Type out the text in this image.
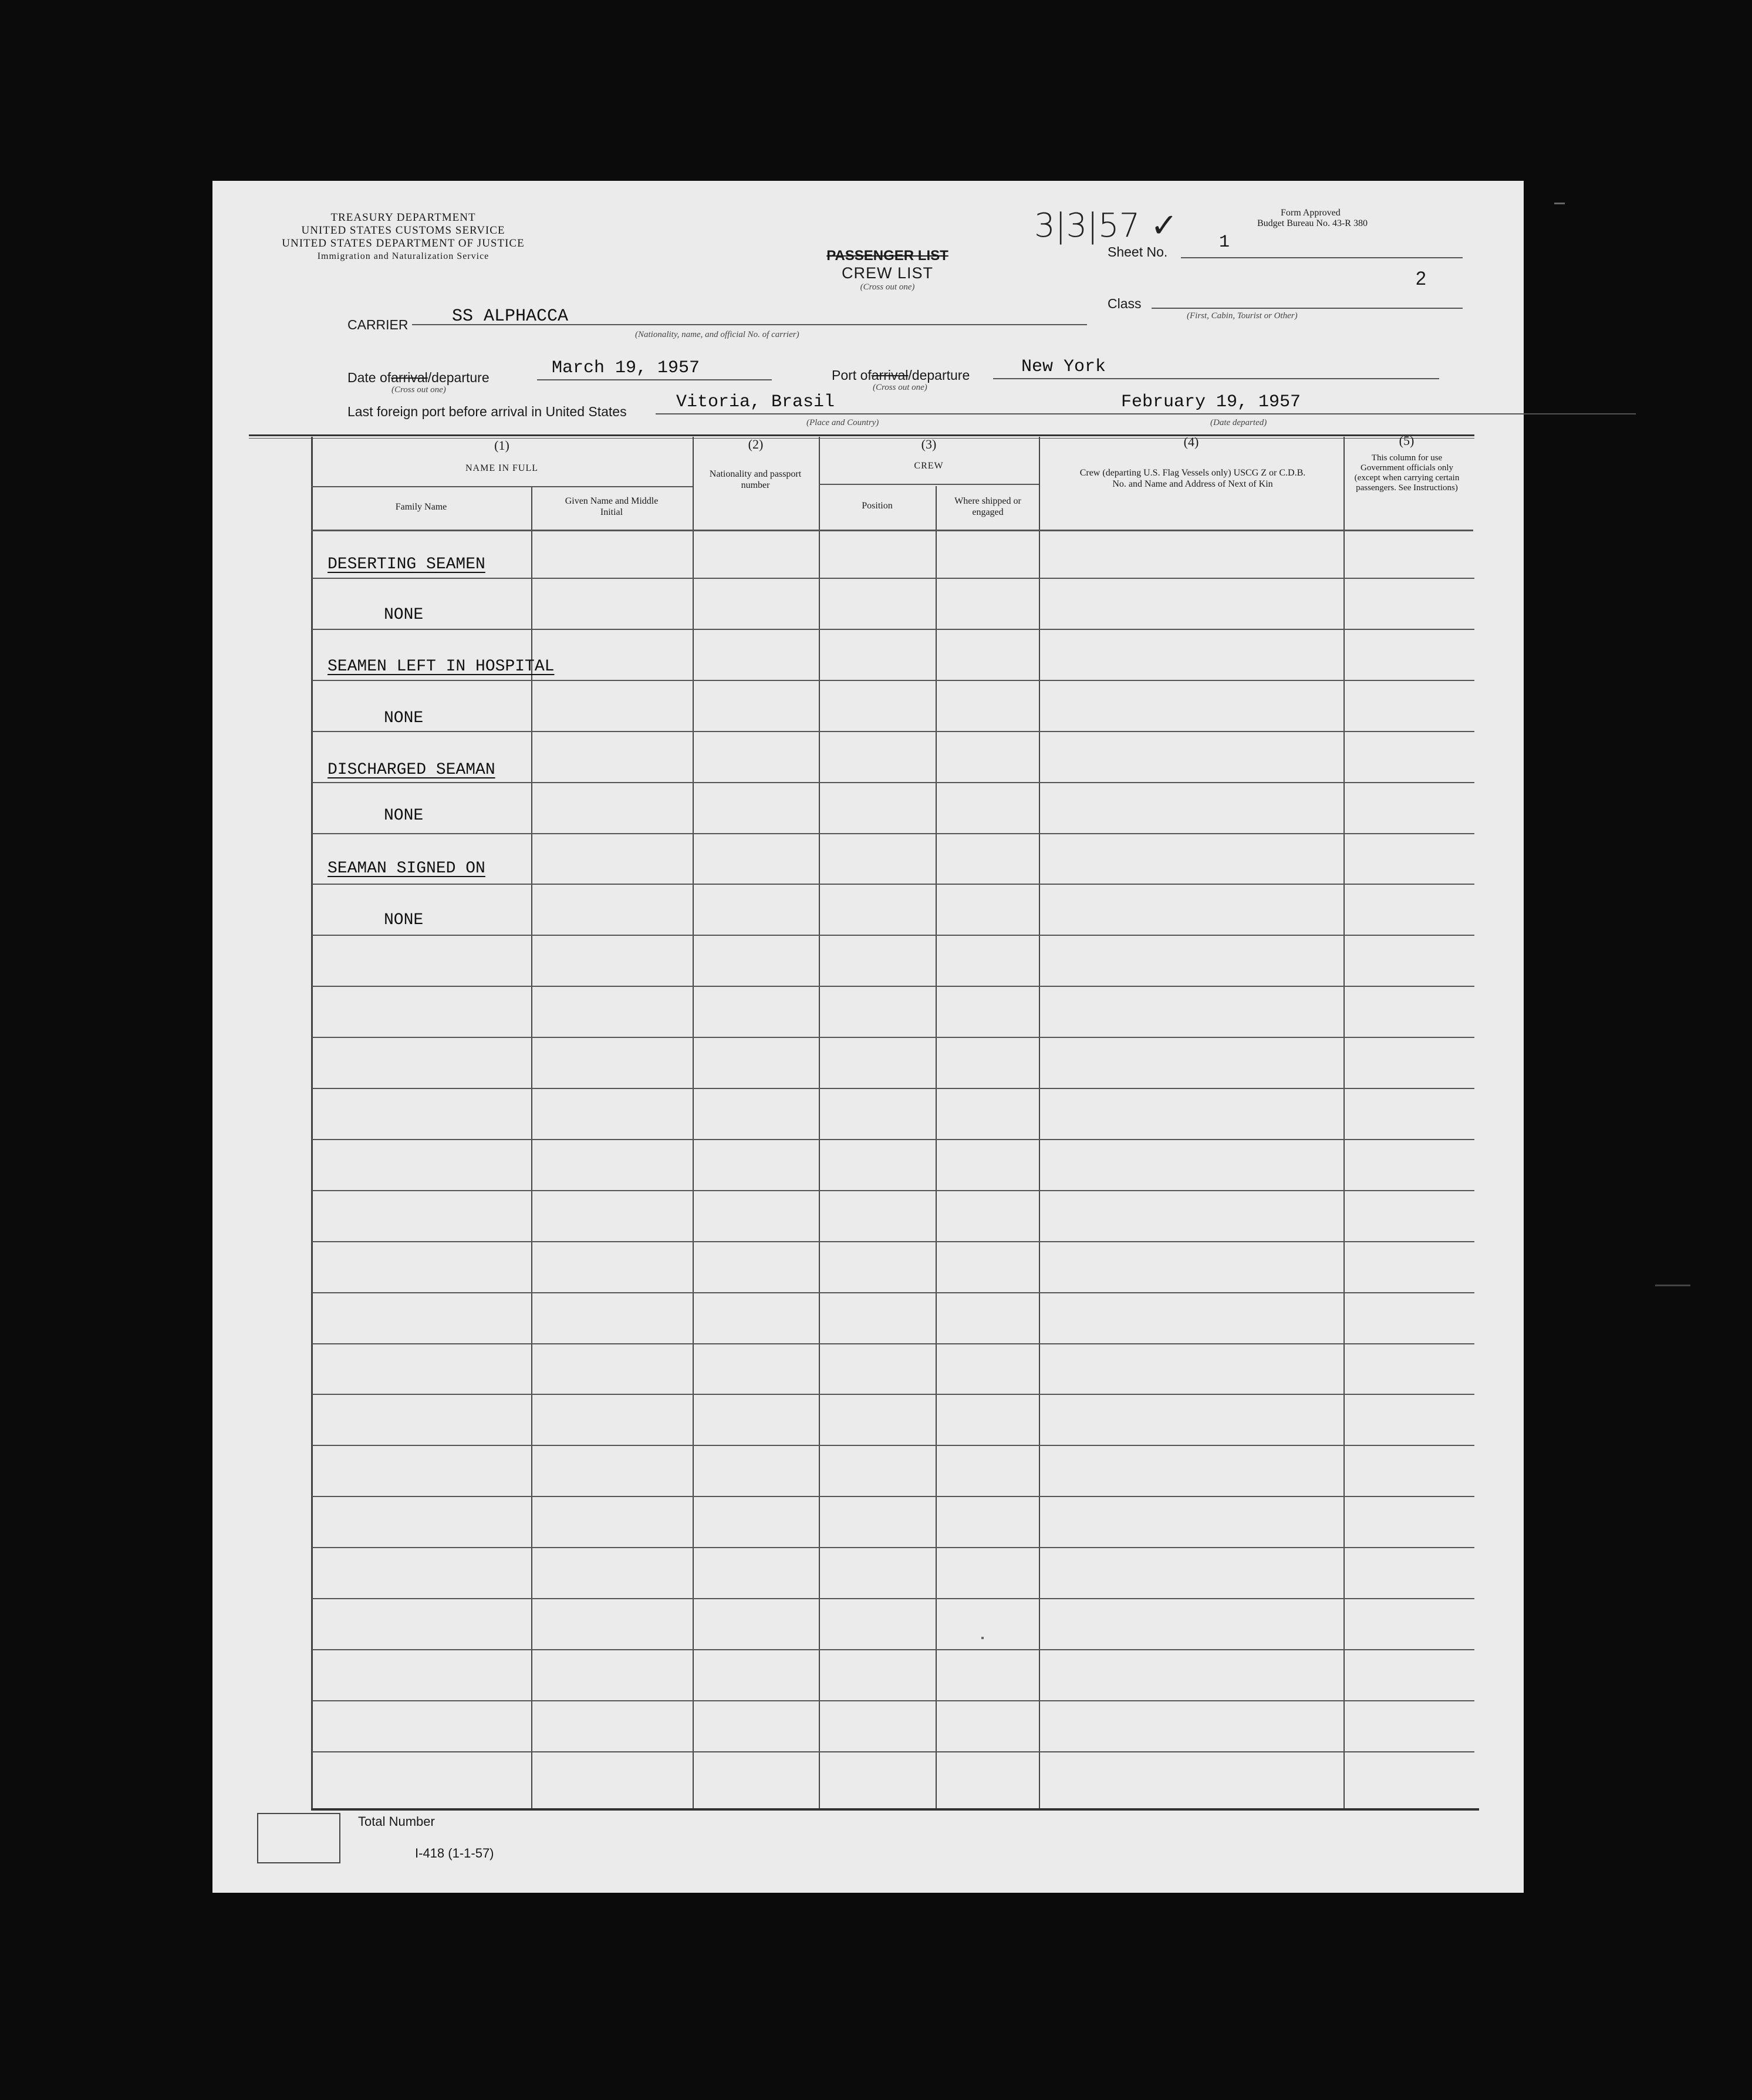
TREASURY DEPARTMENT
UNITED STATES CUSTOMS SERVICE
UNITED STATES DEPARTMENT OF JUSTICE
Immigration and Naturalization Service
Form Approved
Budget Bureau No. 43-R 380
3|3|57 ✓
PASSENGER LIST
CREW LIST
(Cross out one)
Sheet No.	1
2
Class
(First, Cabin, Tourist or Other)
CARRIER SS ALPHACCA
(Nationality, name, and official No. of carrier)
Date ofarrival/departure	March 19, 1957
(Cross out one)
Port ofarrival/departure	New York
(Cross out one)
Last foreign port before arrival in United States	Vitoria, Brasil
(Place and Country)
February 19, 1957
(Date departed)
(1)
NAME IN FULL
Family Name
Given Name and Middle Initial
(2)
Nationality and passport number
(3)
CREW
Position	Where shipped or engaged
(4)
Crew (departing U.S. Flag Vessels only) USCG Z or C.D.B. No. and Name and Address of Next of Kin
(5)
This column for use Government officials only (except when carrying certain passengers. See Instructions)
DESERTING SEAMEN
NONE
SEAMEN LEFT IN HOSPITAL
NONE
DISCHARGED SEAMAN
NONE
SEAMAN SIGNED ON
NONE
Total Number
I-418 (1-1-57)
